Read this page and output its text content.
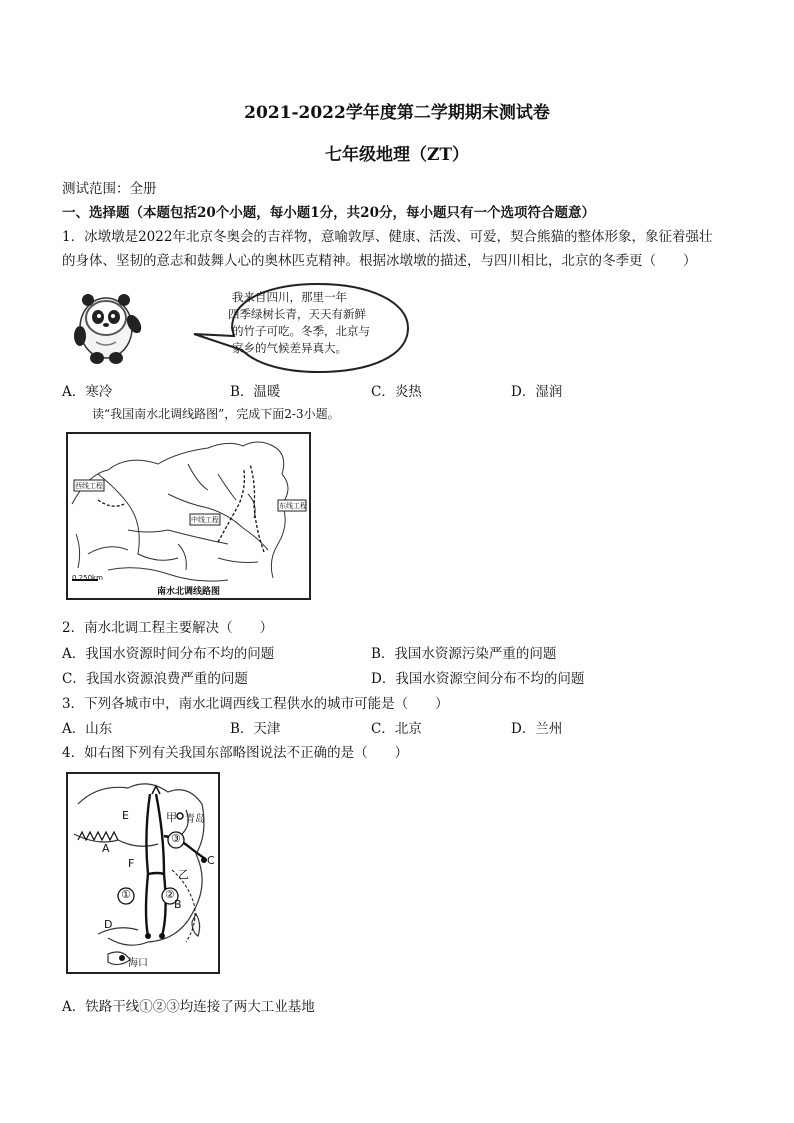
2021-2022学年度第二学期期末测试卷
七年级地理（ZT）
测试范围：全册
一、选择题（本题包括20个小题，每小题1分，共20分，每小题只有一个选项符合题意）
1．冰墩墩是2022年北京冬奥会的吉祥物，意喻敦厚、健康、活泼、可爱，契合熊猫的整体形象，象征着强壮
的身体、坚韧的意志和鼓舞人心的奥林匹克精神。根据冰墩墩的描述，与四川相比，北京的冬季更（　　）
我来自四川，那里一年
四季绿树长青，天天有新鲜
的竹子可吃。冬季，北京与
家乡的气候差异真大。
A．寒冷	B．温暖	C．炎热	D．湿润
读“我国南水北调线路图”，完成下面2-3小题。
西线工程
中线工程
东线工程
0 250km
南水北调线路图
2．南水北调工程主要解决（　　）
A．我国水资源时间分布不均的问题	B．我国水资源污染严重的问题
C．我国水资源浪费严重的问题	D．我国水资源空间分布不均的问题
3．下列各城市中，南水北调西线工程供水的城市可能是（　　）
A．山东	B．天津	C．北京	D．兰州
4．如右图下列有关我国东部略图说法不正确的是（　　）
E
A
F
D
B
C
甲
乙
青岛
海口
①	②
③
A．铁路干线①②③均连接了两大工业基地
